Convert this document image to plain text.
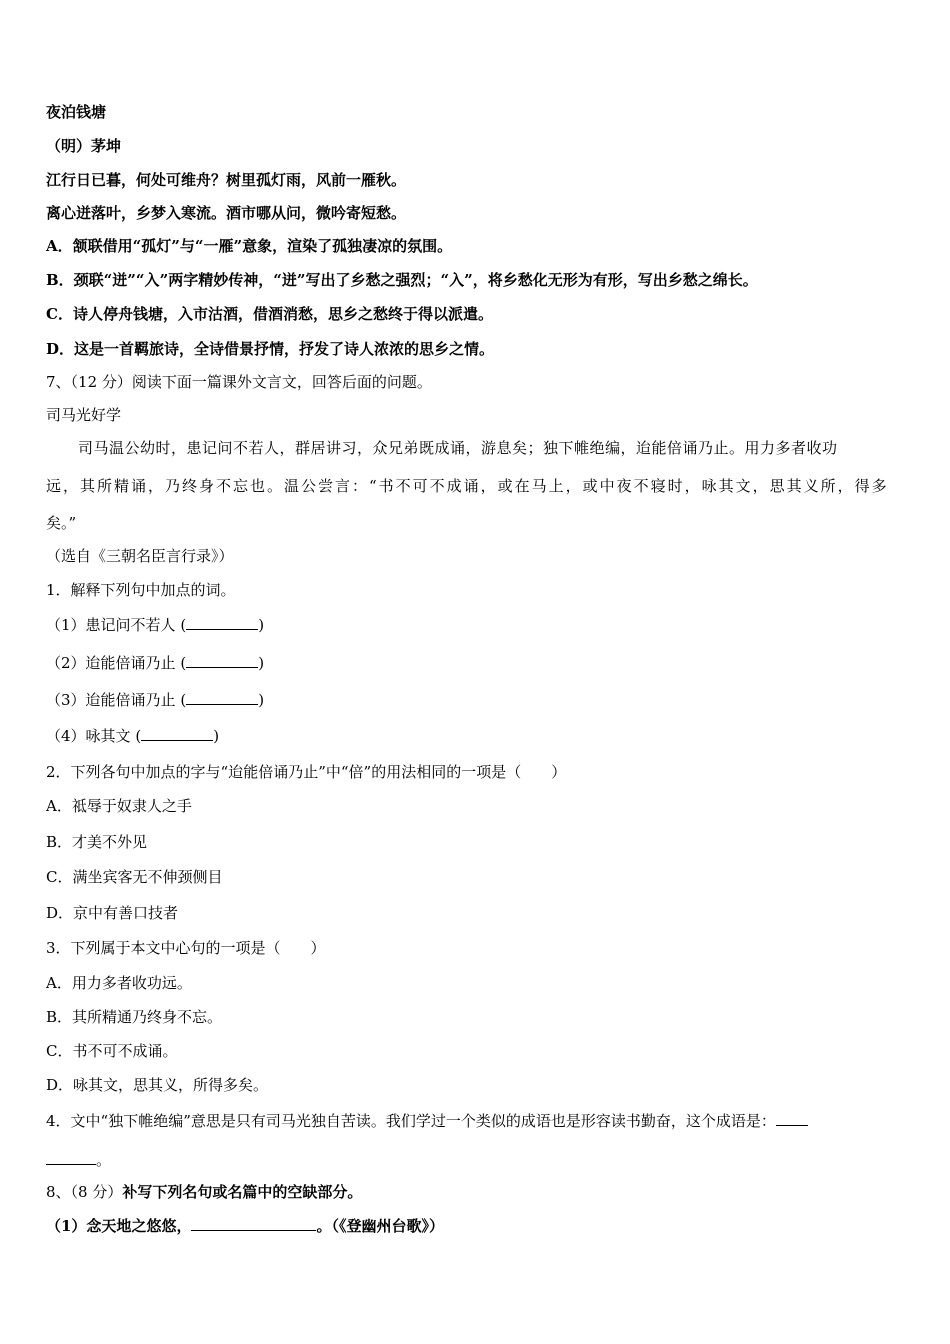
夜泊钱塘
（明）茅坤
江行日已暮，何处可维舟？树里孤灯雨，风前一雁秋。
离心迸落叶，乡梦入寒流。酒市哪从问，微吟寄短愁。
A．颔联借用“孤灯”与“一雁”意象，渲染了孤独凄凉的氛围。
B．颈联“迸”“入”两字精妙传神，“迸”写出了乡愁之强烈；“入”，将乡愁化无形为有形，写出乡愁之绵长。
C．诗人停舟钱塘，入市沽酒，借酒消愁，思乡之愁终于得以派遣。
D．这是一首羁旅诗，全诗借景抒情，抒发了诗人浓浓的思乡之情。
7、（12 分）阅读下面一篇课外文言文，回答后面的问题。
司马光好学
司马温公幼时，患记问不若人，群居讲习，众兄弟既成诵，游息矣；独下帷绝编，迨能倍诵乃止。用力多者收功
远，其所精诵，乃终身不忘也。温公尝言：“书不可不成诵，或在马上，或中夜不寝时，咏其文，思其义所，得多
矣。”
（选自《三朝名臣言行录》）
1．解释下列句中加点的词。
（1）患记问不若人 (	)
（2）迨能倍诵乃止 (	)
（3）迨能倍诵乃止 (	)
（4）咏其文 (	)
2．下列各句中加点的字与“迨能倍诵乃止”中“倍”的用法相同的一项是（　　）
A．祗辱于奴隶人之手
B．才美不外见
C．满坐宾客无不伸颈侧目
D．京中有善口技者
3．下列属于本文中心句的一项是（　　）
A．用力多者收功远。
B．其所精通乃终身不忘。
C．书不可不成诵。
D．咏其文，思其义，所得多矣。
4．文中“独下帷绝编”意思是只有司马光独自苦读。我们学过一个类似的成语也是形容读书勤奋，这个成语是：
。
8、（8 分）补写下列名句或名篇中的空缺部分。
（1）念天地之悠悠，	。（《登幽州台歌》）
